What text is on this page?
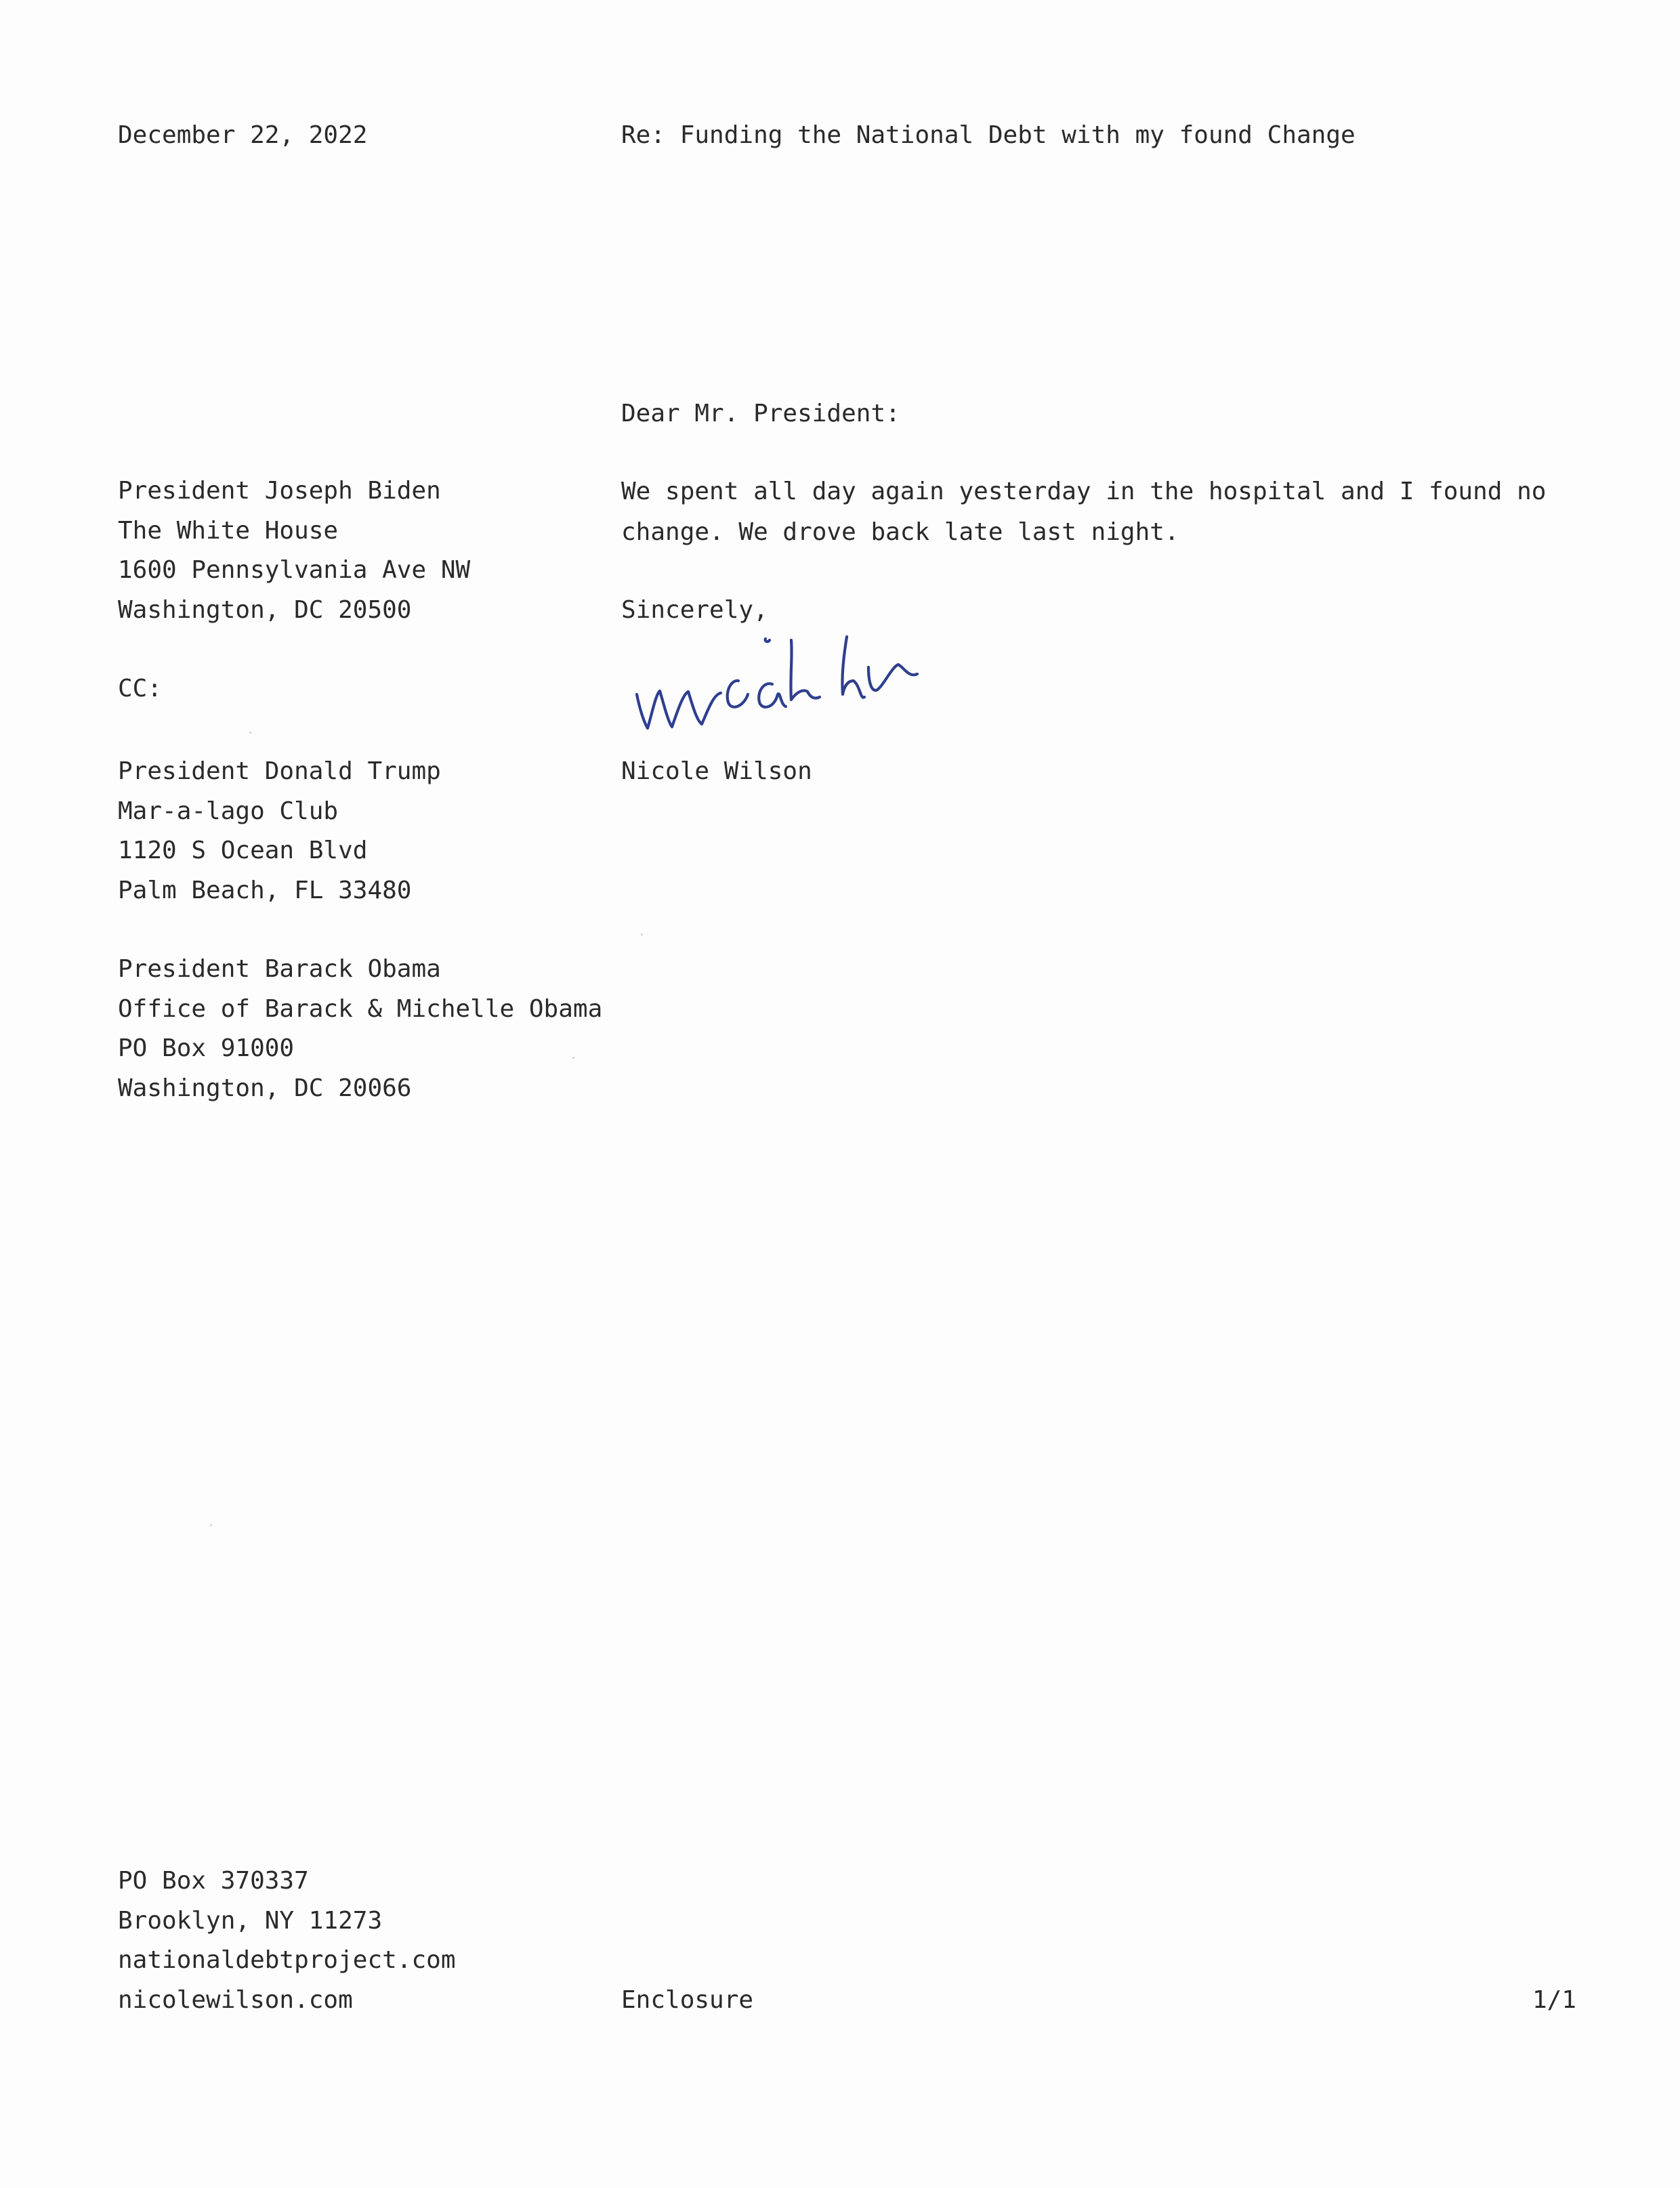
December 22, 2022	Re: Funding the National Debt with my found Change
Dear Mr. President:
President Joseph Biden
The White House
1600 Pennsylvania Ave NW
Washington, DC 20500
We spent all day again yesterday in the hospital and I found no
change. We drove back late last night.
Sincerely,
Nicole Wilson
CC:
President Donald Trump
Mar-a-lago Club
1120 S Ocean Blvd
Palm Beach, FL 33480
President Barack Obama
Office of Barack & Michelle Obama
PO Box 91000
Washington, DC 20066
PO Box 370337
Brooklyn, NY 11273
nationaldebtproject.com
nicolewilson.com	Enclosure	1/1
